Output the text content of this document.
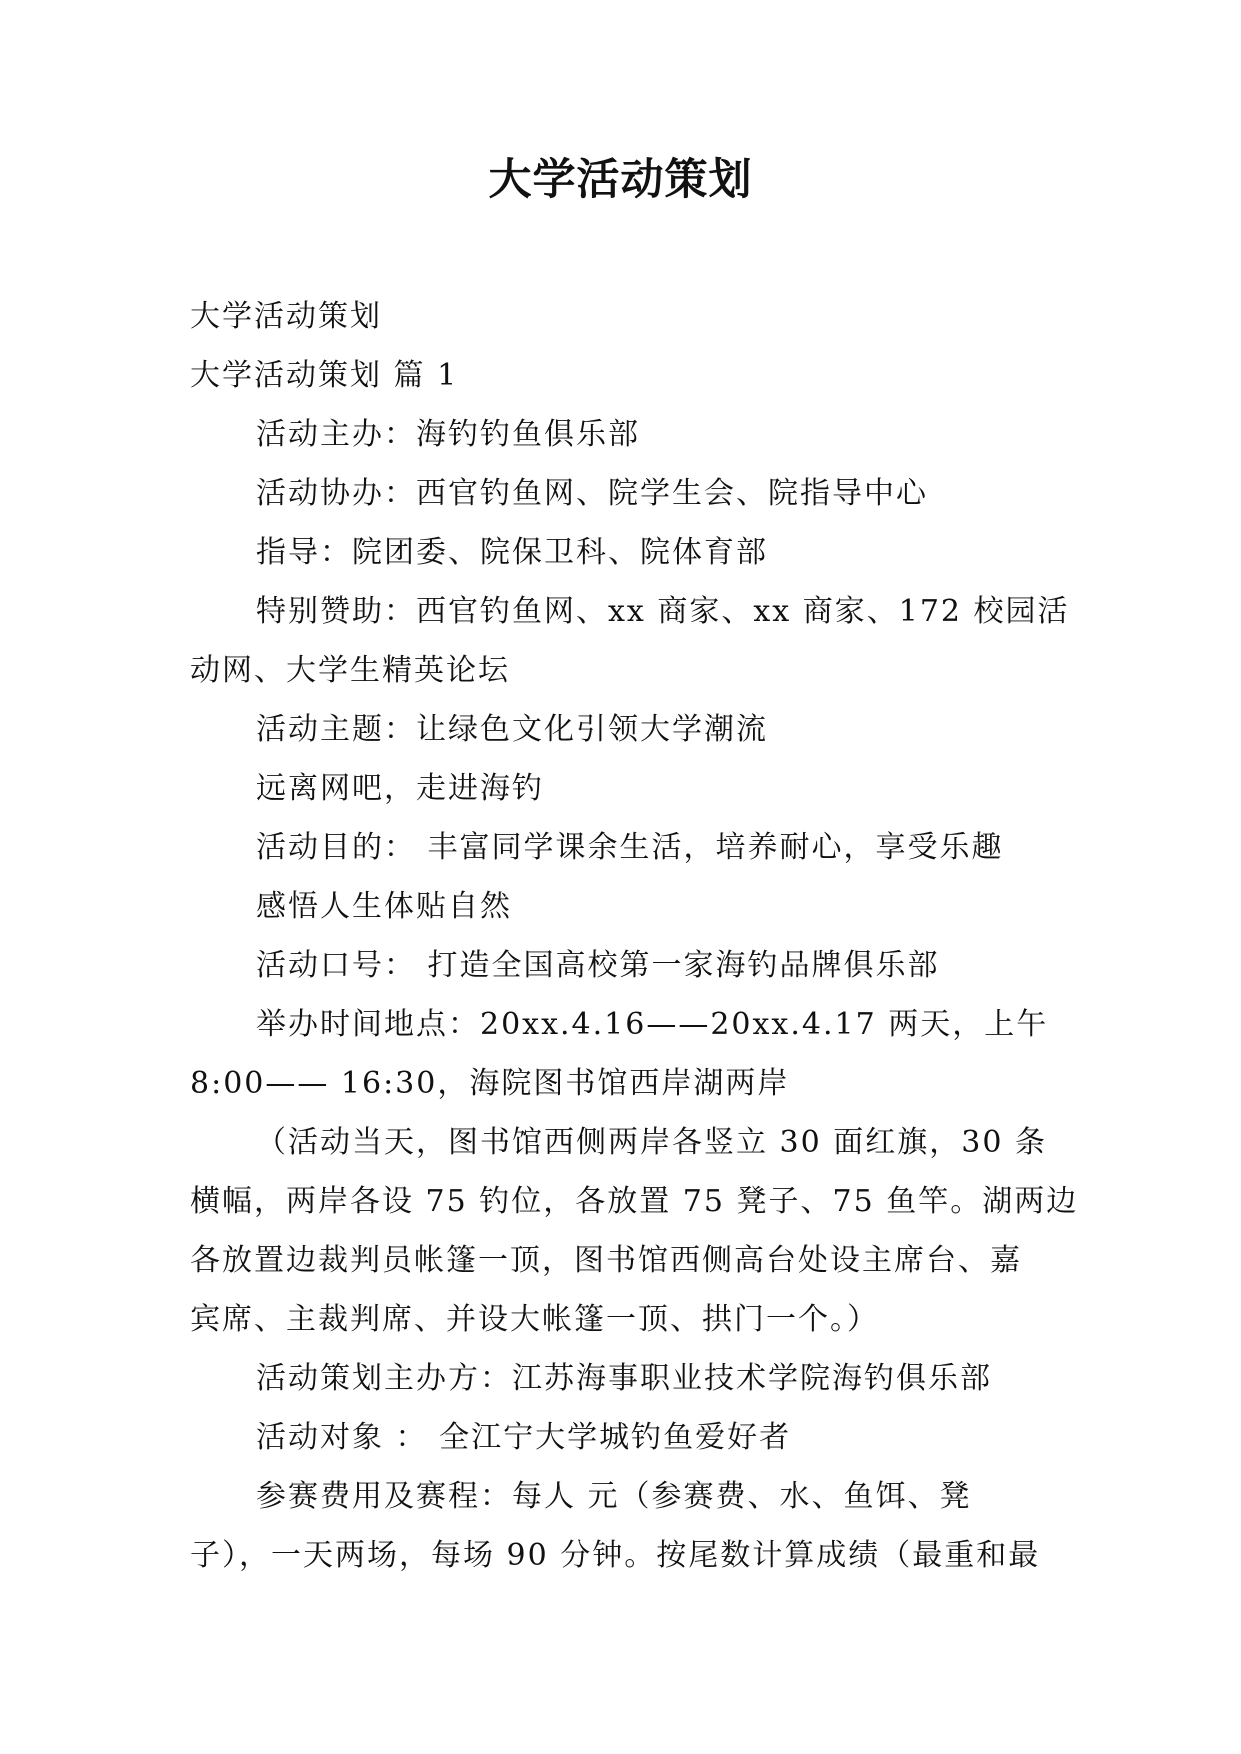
大学活动策划

大学活动策划

大学活动策划 篇 1

活动主办：海钓钓鱼俱乐部

活动协办：西官钓鱼网、院学生会、院指导中心

指导：院团委、院保卫科、院体育部

特别赞助：西官钓鱼网、xx 商家、xx 商家、172 校园活

动网、大学生精英论坛

活动主题：让绿色文化引领大学潮流

远离网吧，走进海钓

活动目的： 丰富同学课余生活，培养耐心，享受乐趣

感悟人生体贴自然

活动口号： 打造全国高校第一家海钓品牌俱乐部

举办时间地点：20xx.4.16——20xx.4.17 两天，上午

8:00—— 16:30，海院图书馆西岸湖两岸

（活动当天，图书馆西侧两岸各竖立 30 面红旗，30 条

横幅，两岸各设 75 钓位，各放置 75 凳子、75 鱼竿。湖两边

各放置边裁判员帐篷一顶，图书馆西侧高台处设主席台、嘉

宾席、主裁判席、并设大帐篷一顶、拱门一个。）

活动策划主办方：江苏海事职业技术学院海钓俱乐部

活动对象 ： 全江宁大学城钓鱼爱好者

参赛费用及赛程：每人 元（参赛费、水、鱼饵、凳

子），一天两场，每场 90 分钟。按尾数计算成绩（最重和最
